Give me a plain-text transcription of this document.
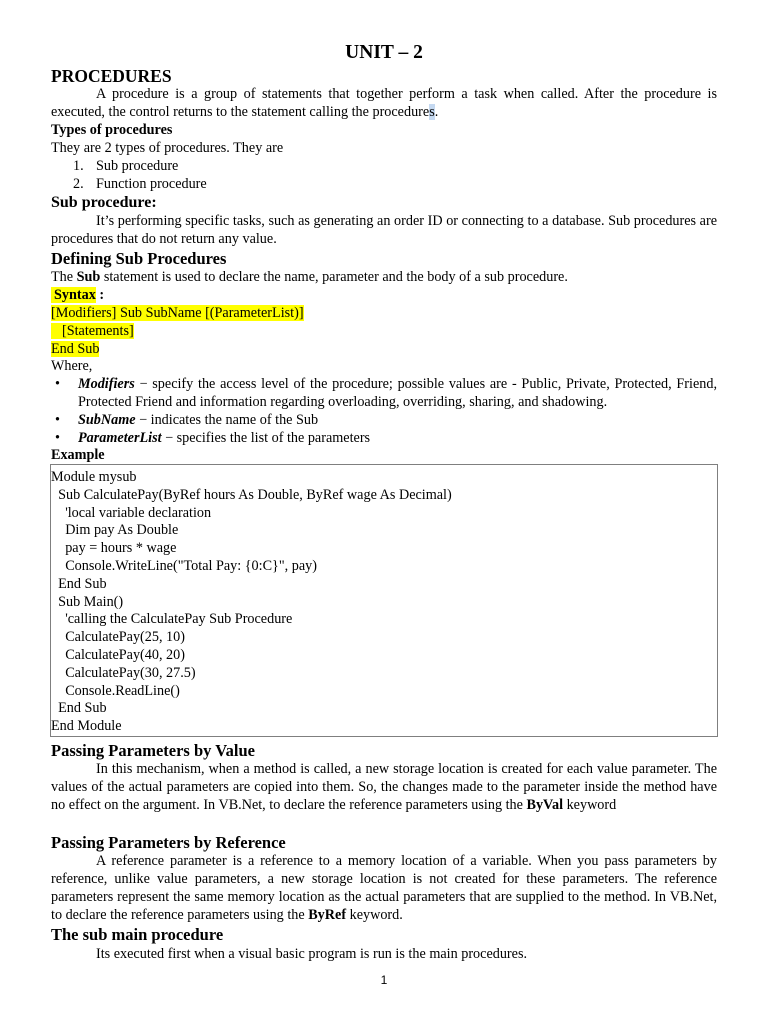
UNIT – 2
PROCEDURES
A procedure is a group of statements that together perform a task when called. After the procedure is executed, the control returns to the statement calling the procedures.
Types of procedures
They are 2 types of procedures. They are
1. Sub procedure
2. Function procedure
Sub procedure:
It’s performing specific tasks, such as generating an order ID or connecting to a database. Sub procedures are procedures that do not return any value.
Defining Sub Procedures
The Sub statement is used to declare the name, parameter and the body of a sub procedure.
Syntax :
[Modifiers] Sub SubName [(ParameterList)]
[Statements]
End Sub
Where,
• Modifiers − specify the access level of the procedure; possible values are - Public, Private, Protected, Friend, Protected Friend and information regarding overloading, overriding, sharing, and shadowing.
• SubName − indicates the name of the Sub
• ParameterList − specifies the list of the parameters
Example
Module mysub
Sub CalculatePay(ByRef hours As Double, ByRef wage As Decimal)
'local variable declaration
Dim pay As Double
pay = hours * wage
Console.WriteLine("Total Pay: {0:C}", pay)
End Sub
Sub Main()
'calling the CalculatePay Sub Procedure
CalculatePay(25, 10)
CalculatePay(40, 20)
CalculatePay(30, 27.5)
Console.ReadLine()
End Sub
End Module
Passing Parameters by Value
In this mechanism, when a method is called, a new storage location is created for each value parameter. The values of the actual parameters are copied into them. So, the changes made to the parameter inside the method have no effect on the argument. In VB.Net, to declare the reference parameters using the ByVal keyword
Passing Parameters by Reference
A reference parameter is a reference to a memory location of a variable. When you pass parameters by reference, unlike value parameters, a new storage location is not created for these parameters. The reference parameters represent the same memory location as the actual parameters that are supplied to the method. In VB.Net, to declare the reference parameters using the ByRef keyword.
The sub main procedure
Its executed first when a visual basic program is run is the main procedures.
1
